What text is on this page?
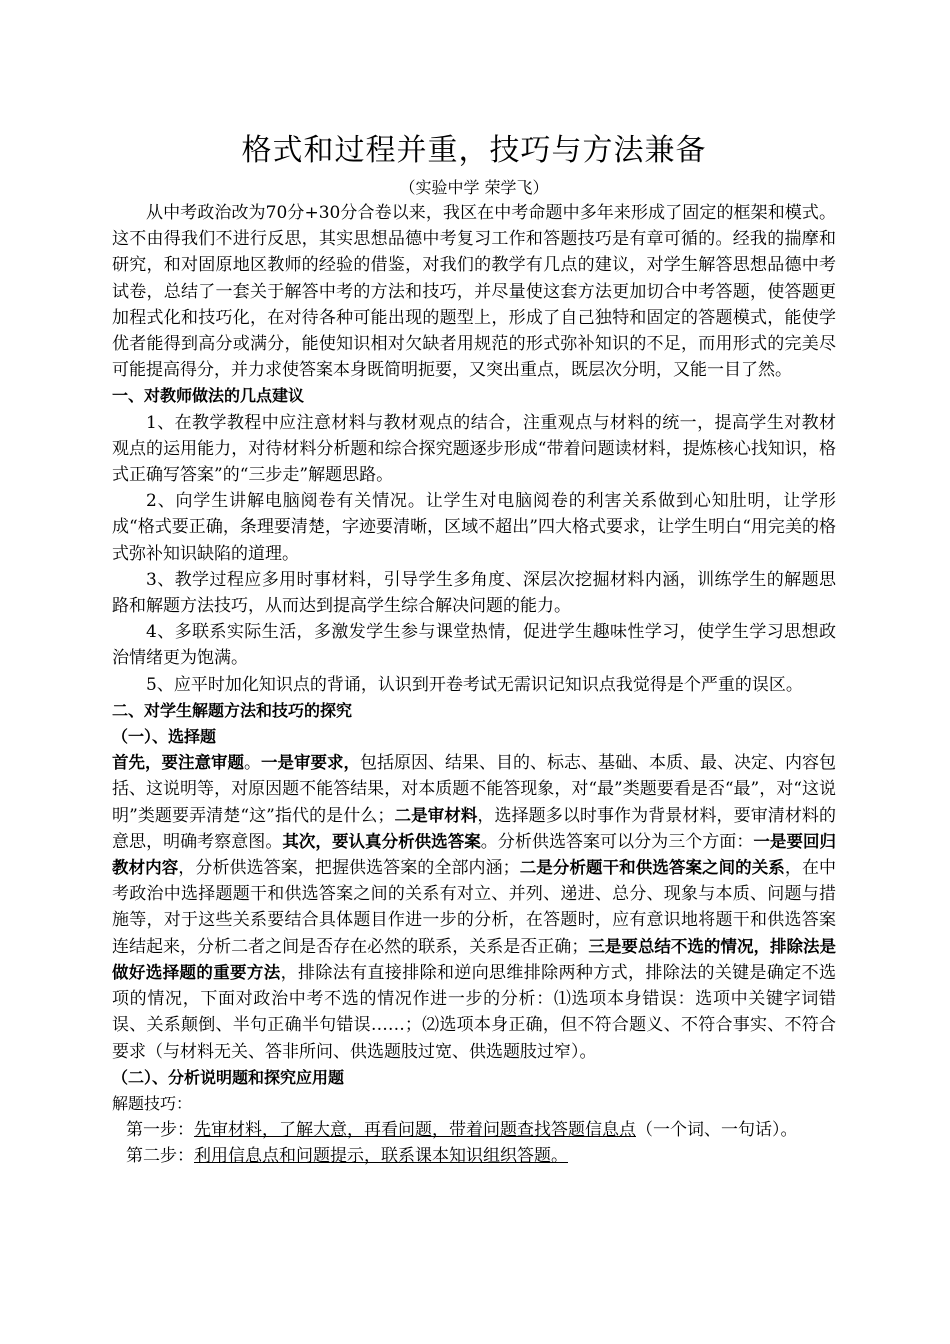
格式和过程并重，技巧与方法兼备
（实验中学 荣学飞）

从中考政治改为70分+30分合卷以来，我区在中考命题中多年来形成了固定的框架和模式。这不由得我们不进行反思，其实思想品德中考复习工作和答题技巧是有章可循的。经我的揣摩和研究，和对固原地区教师的经验的借鉴，对我们的教学有几点的建议，对学生解答思想品德中考试卷，总结了一套关于解答中考的方法和技巧，并尽量使这套方法更加切合中考答题，使答题更加程式化和技巧化，在对待各种可能出现的题型上，形成了自己独特和固定的答题模式，能使学优者能得到高分或满分，能使知识相对欠缺者用规范的形式弥补知识的不足，而用形式的完美尽可能提高得分，并力求使答案本身既简明扼要，又突出重点，既层次分明，又能一目了然。

一、对教师做法的几点建议

1、在教学教程中应注意材料与教材观点的结合，注重观点与材料的统一，提高学生对教材观点的运用能力，对待材料分析题和综合探究题逐步形成“带着问题读材料，提炼核心找知识，格式正确写答案”的“三步走”解题思路。

2、向学生讲解电脑阅卷有关情况。让学生对电脑阅卷的利害关系做到心知肚明，让学形成“格式要正确，条理要清楚，字迹要清晰，区域不超出”四大格式要求，让学生明白“用完美的格式弥补知识缺陷的道理。

3、教学过程应多用时事材料，引导学生多角度、深层次挖掘材料内涵，训练学生的解题思路和解题方法技巧，从而达到提高学生综合解决问题的能力。

4、多联系实际生活，多激发学生参与课堂热情，促进学生趣味性学习，使学生学习思想政治情绪更为饱满。

5、应平时加化知识点的背诵，认识到开卷考试无需识记知识点我觉得是个严重的误区。

二、对学生解题方法和技巧的探究
（一）、选择题

首先，要注意审题。一是审要求，包括原因、结果、目的、标志、基础、本质、最、决定、内容包括、这说明等，对原因题不能答结果，对本质题不能答现象，对“最”类题要看是否“最”，对“这说明”类题要弄清楚“这”指代的是什么；二是审材料，选择题多以时事作为背景材料，要审清材料的意思，明确考察意图。其次，要认真分析供选答案。分析供选答案可以分为三个方面：一是要回归教材内容，分析供选答案，把握供选答案的全部内涵；二是分析题干和供选答案之间的关系，在中考政治中选择题题干和供选答案之间的关系有对立、并列、递进、总分、现象与本质、问题与措施等，对于这些关系要结合具体题目作进一步的分析，在答题时，应有意识地将题干和供选答案连结起来，分析二者之间是否存在必然的联系，关系是否正确；三是要总结不选的情况，排除法是做好选择题的重要方法，排除法有直接排除和逆向思维排除两种方式，排除法的关键是确定不选项的情况，下面对政治中考不选的情况作进一步的分析：⑴选项本身错误：选项中关键字词错误、关系颠倒、半句正确半句错误……；⑵选项本身正确，但不符合题义、不符合事实、不符合要求（与材料无关、答非所问、供选题肢过宽、供选题肢过窄）。

（二）、分析说明题和探究应用题
解题技巧：

第一步：先审材料，了解大意，再看问题，带着问题查找答题信息点（一个词、一句话）。

第二步：利用信息点和问题提示，联系课本知识组织答题。
